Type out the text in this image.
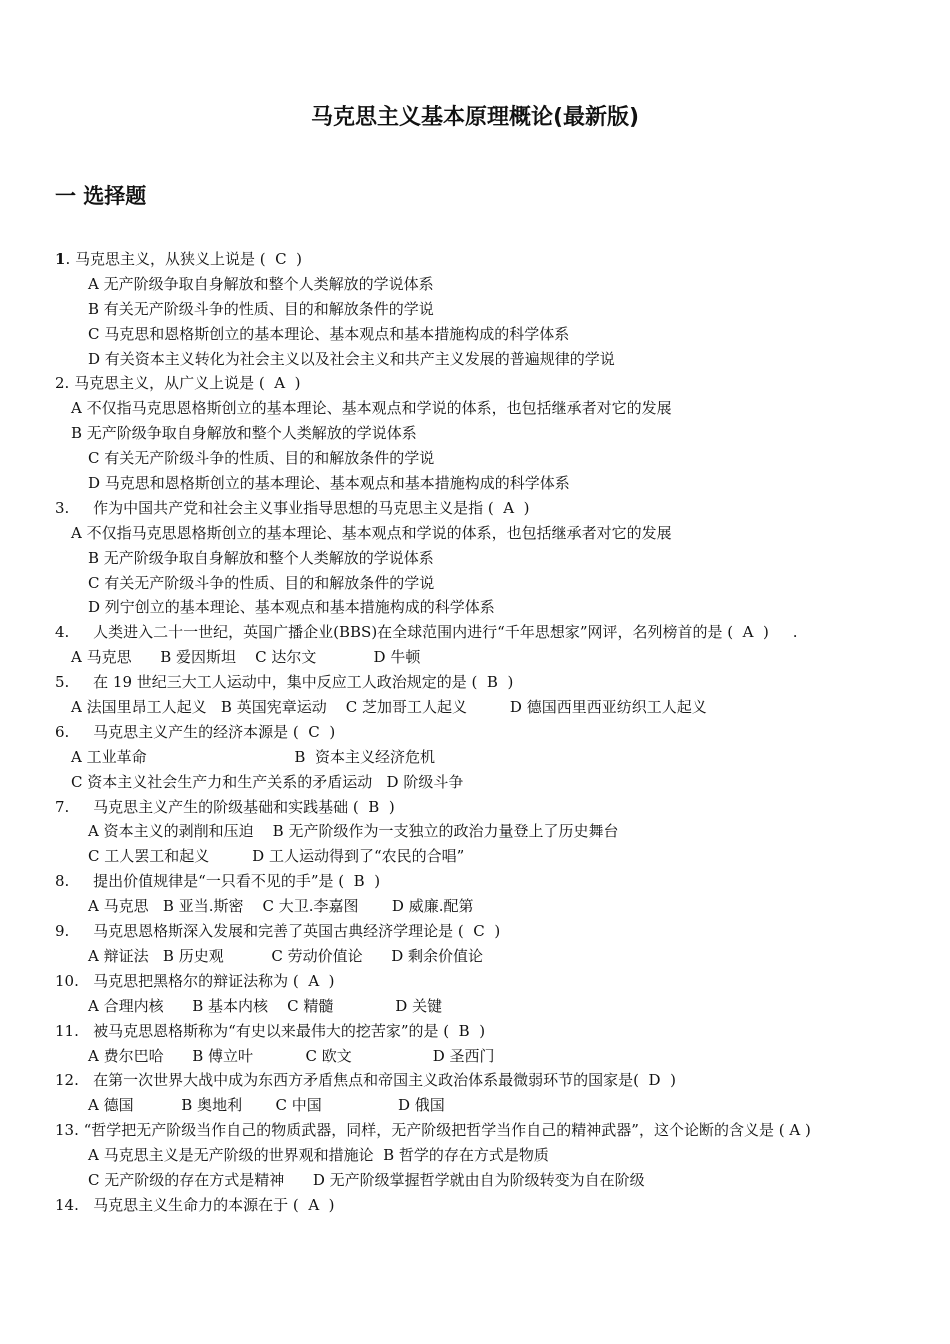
马克思主义基本原理概论(最新版)
一 选择题
1. 马克思主义，从狭义上说是 (  C  )
A 无产阶级争取自身解放和整个人类解放的学说体系
B 有关无产阶级斗争的性质、目的和解放条件的学说
C 马克思和恩格斯创立的基本理论、基本观点和基本措施构成的科学体系
D 有关资本主义转化为社会主义以及社会主义和共产主义发展的普遍规律的学说
2. 马克思主义，从广义上说是 (  A  )
A 不仅指马克思恩格斯创立的基本理论、基本观点和学说的体系，也包括继承者对它的发展
B 无产阶级争取自身解放和整个人类解放的学说体系
C 有关无产阶级斗争的性质、目的和解放条件的学说
D 马克思和恩格斯创立的基本理论、基本观点和基本措施构成的科学体系
3.     作为中国共产党和社会主义事业指导思想的马克思主义是指 (  A  )
A 不仅指马克思恩格斯创立的基本理论、基本观点和学说的体系，也包括继承者对它的发展
B 无产阶级争取自身解放和整个人类解放的学说体系
C 有关无产阶级斗争的性质、目的和解放条件的学说
D 列宁创立的基本理论、基本观点和基本措施构成的科学体系
4.     人类进入二十一世纪，英国广播企业(BBS)在全球范围内进行“千年思想家”网评，名列榜首的是 (  A  )     .
A 马克思      B 爱因斯坦    C 达尔文            D 牛顿
5.     在 19 世纪三大工人运动中，集中反应工人政治规定的是 (  B  )
A 法国里昂工人起义   B 英国宪章运动    C 芝加哥工人起义         D 德国西里西亚纺织工人起义
6.     马克思主义产生的经济本源是 (  C  )
A 工业革命                               B  资本主义经济危机
C 资本主义社会生产力和生产关系的矛盾运动   D 阶级斗争
7.     马克思主义产生的阶级基础和实践基础 (  B  )
A 资本主义的剥削和压迫    B 无产阶级作为一支独立的政治力量登上了历史舞台
C 工人罢工和起义         D 工人运动得到了“农民的合唱”
8.     提出价值规律是“一只看不见的手”是 (  B  )
A 马克思   B 亚当.斯密    C 大卫.李嘉图       D 威廉.配第
9.     马克思恩格斯深入发展和完善了英国古典经济学理论是 (  C  )
A 辩证法   B 历史观          C 劳动价值论      D 剩余价值论
10.   马克思把黑格尔的辩证法称为 (  A  )
A 合理内核      B 基本内核    C 精髓             D 关键
11.   被马克思恩格斯称为“有史以来最伟大的挖苦家”的是 (  B  )
A 费尔巴哈      B 傅立叶           C 欧文                 D 圣西门
12.   在第一次世界大战中成为东西方矛盾焦点和帝国主义政治体系最微弱环节的国家是(  D  )
A 德国          B 奥地利       C 中国                D 俄国
13. “哲学把无产阶级当作自己的物质武器，同样，无产阶级把哲学当作自己的精神武器”，这个论断的含义是 ( A )
A 马克思主义是无产阶级的世界观和措施论  B 哲学的存在方式是物质
C 无产阶级的存在方式是精神      D 无产阶级掌握哲学就由自为阶级转变为自在阶级
14.   马克思主义生命力的本源在于 (  A  )
